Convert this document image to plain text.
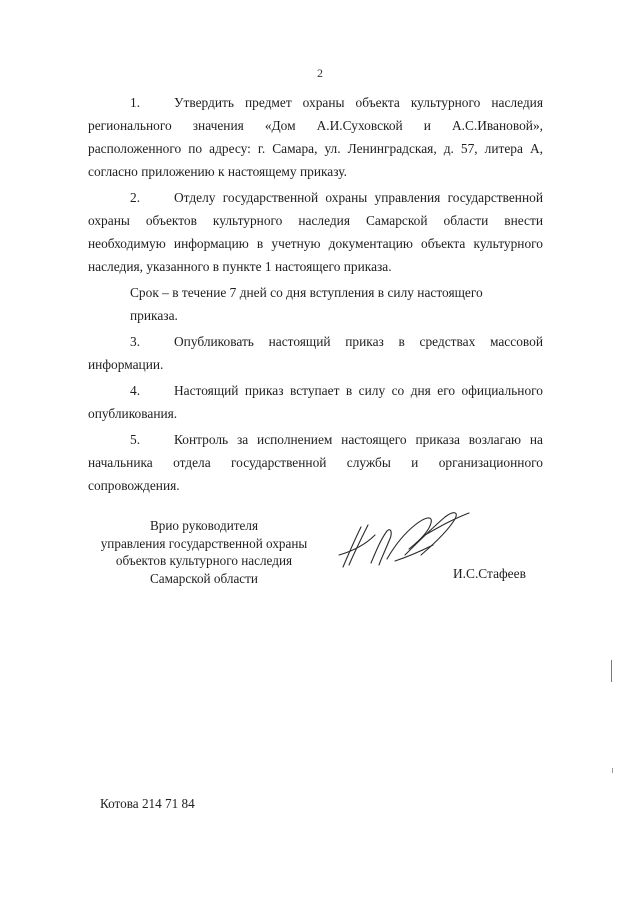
2

1.	Утвердить предмет охраны объекта культурного наследия регионального значения «Дом А.И.Суховской и А.С.Ивановой», расположенного по адресу: г. Самара, ул. Ленинградская, д. 57, литера А, согласно приложению к настоящему приказу.

2.	Отделу государственной охраны управления государственной охраны объектов культурного наследия Самарской области внести необходимую информацию в учетную документацию объекта культурного наследия, указанного в пункте 1 настоящего приказа.

Срок – в течение 7 дней со дня вступления в силу настоящего
приказа.

3.	Опубликовать настоящий приказ в средствах массовой информации.

4.	Настоящий приказ вступает в силу со дня его официального опубликования.

5.	Контроль за исполнением настоящего приказа возлагаю на начальника отдела государственной службы и организационного сопровождения.

Врио руководителя
управления государственной охраны
объектов культурного наследия
Самарской области	И.С.Стафеев
Котова 214 71 84
